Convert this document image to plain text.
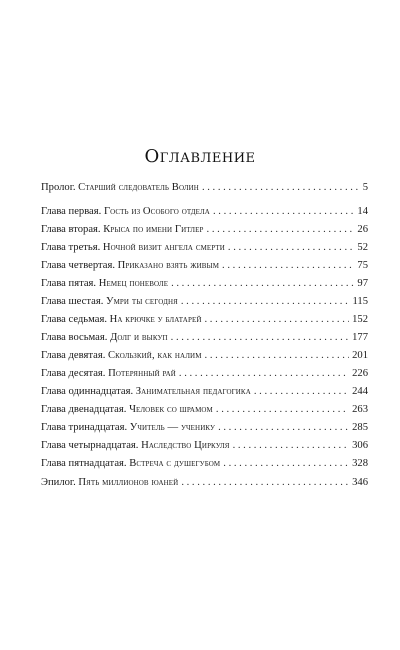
Оглавление
Пролог. Старший следователь Волин . . .	5
Глава первая. Гость из Особого отдела . . .	14
Глава вторая. Крыса по имени Гитлер . . .	26
Глава третья. Ночной визит ангела смерти . . .	52
Глава четвертая. Приказано взять живым . . .	75
Глава пятая. Немец поневоле . . .	97
Глава шестая. Умри ты сегодня . . .	115
Глава седьмая. На крючке у блатарей . . .	152
Глава восьмая. Долг и выкуп . . .	177
Глава девятая. Скользкий, как налим . . .	201
Глава десятая. Потерянный рай . . .	226
Глава одиннадцатая. Занимательная педагогика . . .	244
Глава двенадцатая. Человек со шрамом . . .	263
Глава тринадцатая. Учитель — ученику . . .	285
Глава четырнадцатая. Наследство Циркуля . . .	306
Глава пятнадцатая. Встреча с душегубом . . .	328
Эпилог. Пять миллионов юаней . . .	346
